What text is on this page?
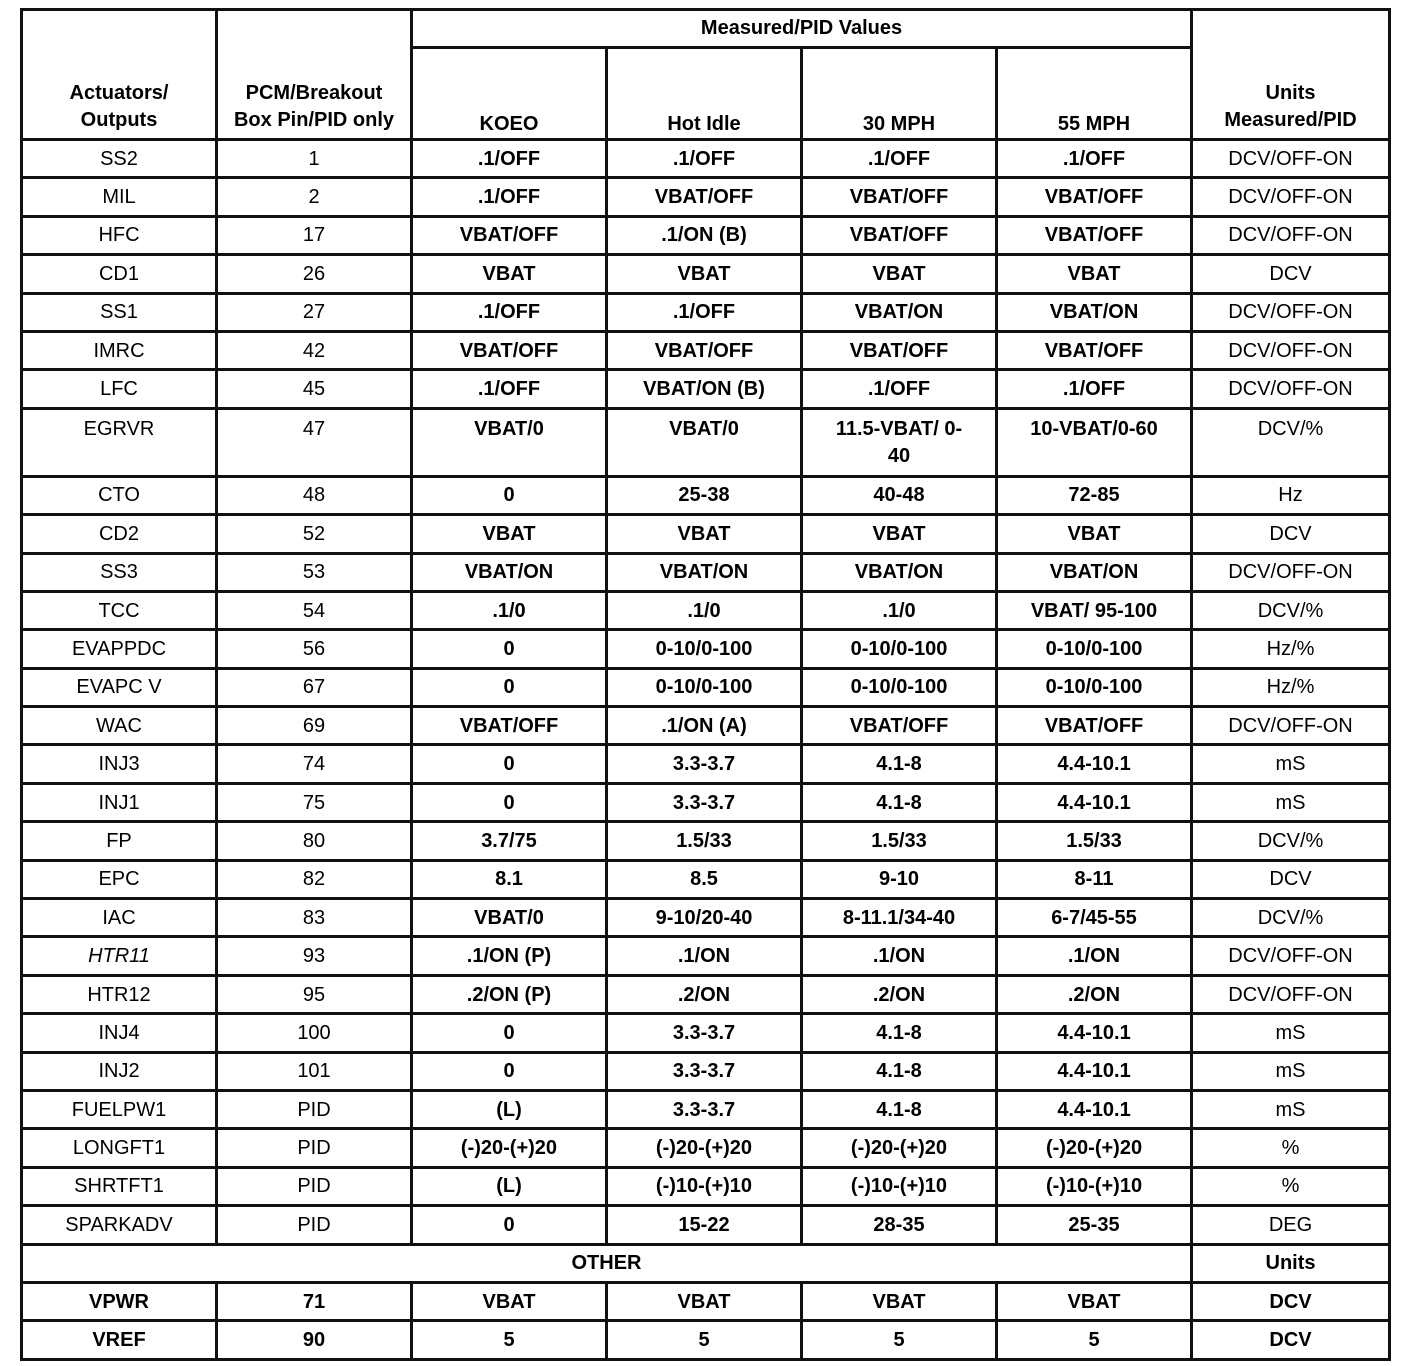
Actuators/ Outputs	PCM/Breakout Box Pin/PID only	Measured/PID Values				Units Measured/PID
		KOEO	Hot Idle	30 MPH	55 MPH	
SS2	1	.1/OFF	.1/OFF	.1/OFF	.1/OFF	DCV/OFF-ON
MIL	2	.1/OFF	VBAT/OFF	VBAT/OFF	VBAT/OFF	DCV/OFF-ON
HFC	17	VBAT/OFF	.1/ON (B)	VBAT/OFF	VBAT/OFF	DCV/OFF-ON
CD1	26	VBAT	VBAT	VBAT	VBAT	DCV
SS1	27	.1/OFF	.1/OFF	VBAT/ON	VBAT/ON	DCV/OFF-ON
IMRC	42	VBAT/OFF	VBAT/OFF	VBAT/OFF	VBAT/OFF	DCV/OFF-ON
LFC	45	.1/OFF	VBAT/ON (B)	.1/OFF	.1/OFF	DCV/OFF-ON
EGRVR	47	VBAT/0	VBAT/0	11.5-VBAT/ 0-40	10-VBAT/0-60	DCV/%
CTO	48	0	25-38	40-48	72-85	Hz
CD2	52	VBAT	VBAT	VBAT	VBAT	DCV
SS3	53	VBAT/ON	VBAT/ON	VBAT/ON	VBAT/ON	DCV/OFF-ON
TCC	54	.1/0	.1/0	.1/0	VBAT/ 95-100	DCV/%
EVAPPDC	56	0	0-10/0-100	0-10/0-100	0-10/0-100	Hz/%
EVAPC V	67	0	0-10/0-100	0-10/0-100	0-10/0-100	Hz/%
WAC	69	VBAT/OFF	.1/ON (A)	VBAT/OFF	VBAT/OFF	DCV/OFF-ON
INJ3	74	0	3.3-3.7	4.1-8	4.4-10.1	mS
INJ1	75	0	3.3-3.7	4.1-8	4.4-10.1	mS
FP	80	3.7/75	1.5/33	1.5/33	1.5/33	DCV/%
EPC	82	8.1	8.5	9-10	8-11	DCV
IAC	83	VBAT/0	9-10/20-40	8-11.1/34-40	6-7/45-55	DCV/%
HTR11	93	.1/ON (P)	.1/ON	.1/ON	.1/ON	DCV/OFF-ON
HTR12	95	.2/ON (P)	.2/ON	.2/ON	.2/ON	DCV/OFF-ON
INJ4	100	0	3.3-3.7	4.1-8	4.4-10.1	mS
INJ2	101	0	3.3-3.7	4.1-8	4.4-10.1	mS
FUELPW1	PID	(L)	3.3-3.7	4.1-8	4.4-10.1	mS
LONGFT1	PID	(-)20-(+)20	(-)20-(+)20	(-)20-(+)20	(-)20-(+)20	%
SHRTFT1	PID	(L)	(-)10-(+)10	(-)10-(+)10	(-)10-(+)10	%
SPARKADV	PID	0	15-22	28-35	25-35	DEG
OTHER						Units
VPWR	71	VBAT	VBAT	VBAT	VBAT	DCV
VREF	90	5	5	5	5	DCV
